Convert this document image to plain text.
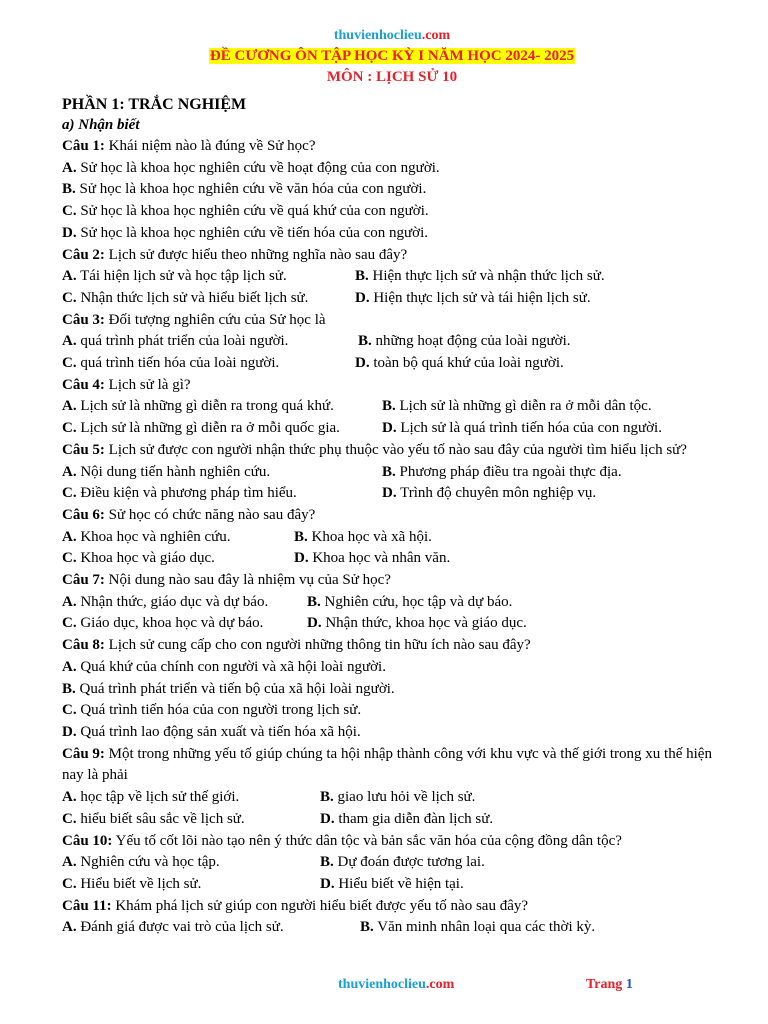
thuvienhoclieu.com
ĐỀ CƯƠNG ÔN TẬP HỌC KỲ I NĂM HỌC 2024- 2025
MÔN : LỊCH SỬ 10
PHẦN 1: TRẮC NGHIỆM
a) Nhận biết
Câu 1: Khái niệm nào là đúng về Sử học?
A. Sử học là khoa học nghiên cứu về hoạt động của con người.
B. Sử học là khoa học nghiên cứu về văn hóa của con người.
C. Sử học là khoa học nghiên cứu về quá khứ của con người.
D. Sử học là khoa học nghiên cứu về tiến hóa của con người.
Câu 2: Lịch sử được hiểu theo những nghĩa nào sau đây?
A. Tái hiện lịch sử và học tập lịch sử.	B. Hiện thực lịch sử và nhận thức lịch sử.
C. Nhận thức lịch sử và hiểu biết lịch sử.	D. Hiện thực lịch sử và tái hiện lịch sử.
Câu 3: Đối tượng nghiên cứu của Sử học là
A. quá trình phát triển của loài người.	B. những hoạt động của loài người.
C. quá trình tiến hóa của loài người.	D. toàn bộ quá khứ của loài người.
Câu 4: Lịch sử là gì?
A. Lịch sử là những gì diễn ra trong quá khứ.	B. Lịch sử là những gì diễn ra ở mỗi dân tộc.
C. Lịch sử là những gì diễn ra ở mỗi quốc gia.	D. Lịch sử là quá trình tiến hóa của con người.
Câu 5: Lịch sử được con người nhận thức phụ thuộc vào yếu tố nào sau đây của người tìm hiểu lịch sử?
A. Nội dung tiến hành nghiên cứu.	B. Phương pháp điều tra ngoài thực địa.
C. Điều kiện và phương pháp tìm hiểu.	D. Trình độ chuyên môn nghiệp vụ.
Câu 6: Sử học có chức năng nào sau đây?
A. Khoa học và nghiên cứu.	B. Khoa học và xã hội.
C. Khoa học và giáo dục.	D. Khoa học và nhân văn.
Câu 7: Nội dung nào sau đây là nhiệm vụ của Sử học?
A. Nhận thức, giáo dục và dự báo.	B. Nghiên cứu, học tập và dự báo.
C. Giáo dục, khoa học và dự báo.	D. Nhận thức, khoa học và giáo dục.
Câu 8: Lịch sử cung cấp cho con người những thông tin hữu ích nào sau đây?
A. Quá khứ của chính con người và xã hội loài người.
B. Quá trình phát triển và tiến bộ của xã hội loài người.
C. Quá trình tiến hóa của con người trong lịch sử.
D. Quá trình lao động sản xuất và tiến hóa xã hội.
Câu 9: Một trong những yếu tố giúp chúng ta hội nhập thành công với khu vực và thế giới trong xu thế hiện nay là phải
A. học tập về lịch sử thế giới.	B. giao lưu hỏi về lịch sử.
C. hiểu biết sâu sắc về lịch sử.	D. tham gia diễn đàn lịch sử.
Câu 10: Yếu tố cốt lõi nào tạo nên ý thức dân tộc và bản sắc văn hóa của cộng đồng dân tộc?
A. Nghiên cứu và học tập.	B. Dự đoán được tương lai.
C. Hiểu biết về lịch sử.	D. Hiểu biết về hiện tại.
Câu 11: Khám phá lịch sử giúp con người hiểu biết được yếu tố nào sau đây?
A. Đánh giá được vai trò của lịch sử.	B. Văn minh nhân loại qua các thời kỳ.
thuvienhoclieu.com	Trang 1
